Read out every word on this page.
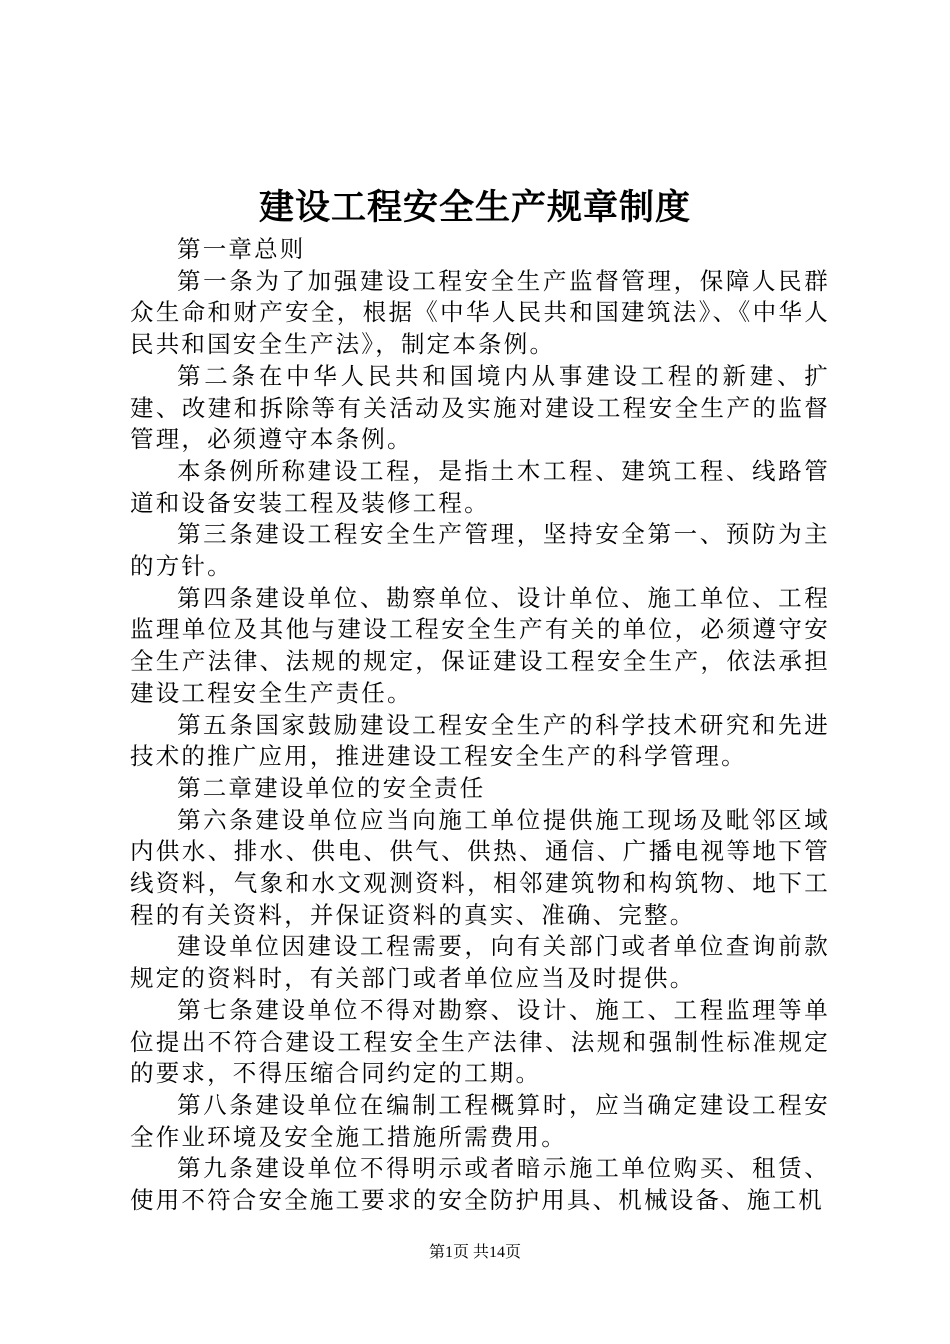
建设工程安全生产规章制度

第一章总则

第一条为了加强建设工程安全生产监督管理，保障人民群众生命和财产安全，根据《中华人民共和国建筑法》、《中华人民共和国安全生产法》，制定本条例。

第二条在中华人民共和国境内从事建设工程的新建、扩建、改建和拆除等有关活动及实施对建设工程安全生产的监督管理，必须遵守本条例。

本条例所称建设工程，是指土木工程、建筑工程、线路管道和设备安装工程及装修工程。

第三条建设工程安全生产管理，坚持安全第一、预防为主的方针。

第四条建设单位、勘察单位、设计单位、施工单位、工程监理单位及其他与建设工程安全生产有关的单位，必须遵守安全生产法律、法规的规定，保证建设工程安全生产，依法承担建设工程安全生产责任。

第五条国家鼓励建设工程安全生产的科学技术研究和先进技术的推广应用，推进建设工程安全生产的科学管理。

第二章建设单位的安全责任

第六条建设单位应当向施工单位提供施工现场及毗邻区域内供水、排水、供电、供气、供热、通信、广播电视等地下管线资料，气象和水文观测资料，相邻建筑物和构筑物、地下工程的有关资料，并保证资料的真实、准确、完整。

建设单位因建设工程需要，向有关部门或者单位查询前款规定的资料时，有关部门或者单位应当及时提供。

第七条建设单位不得对勘察、设计、施工、工程监理等单位提出不符合建设工程安全生产法律、法规和强制性标准规定的要求，不得压缩合同约定的工期。

第八条建设单位在编制工程概算时，应当确定建设工程安全作业环境及安全施工措施所需费用。

第九条建设单位不得明示或者暗示施工单位购买、租赁、使用不符合安全施工要求的安全防护用具、机械设备、施工机

第1页 共14页
